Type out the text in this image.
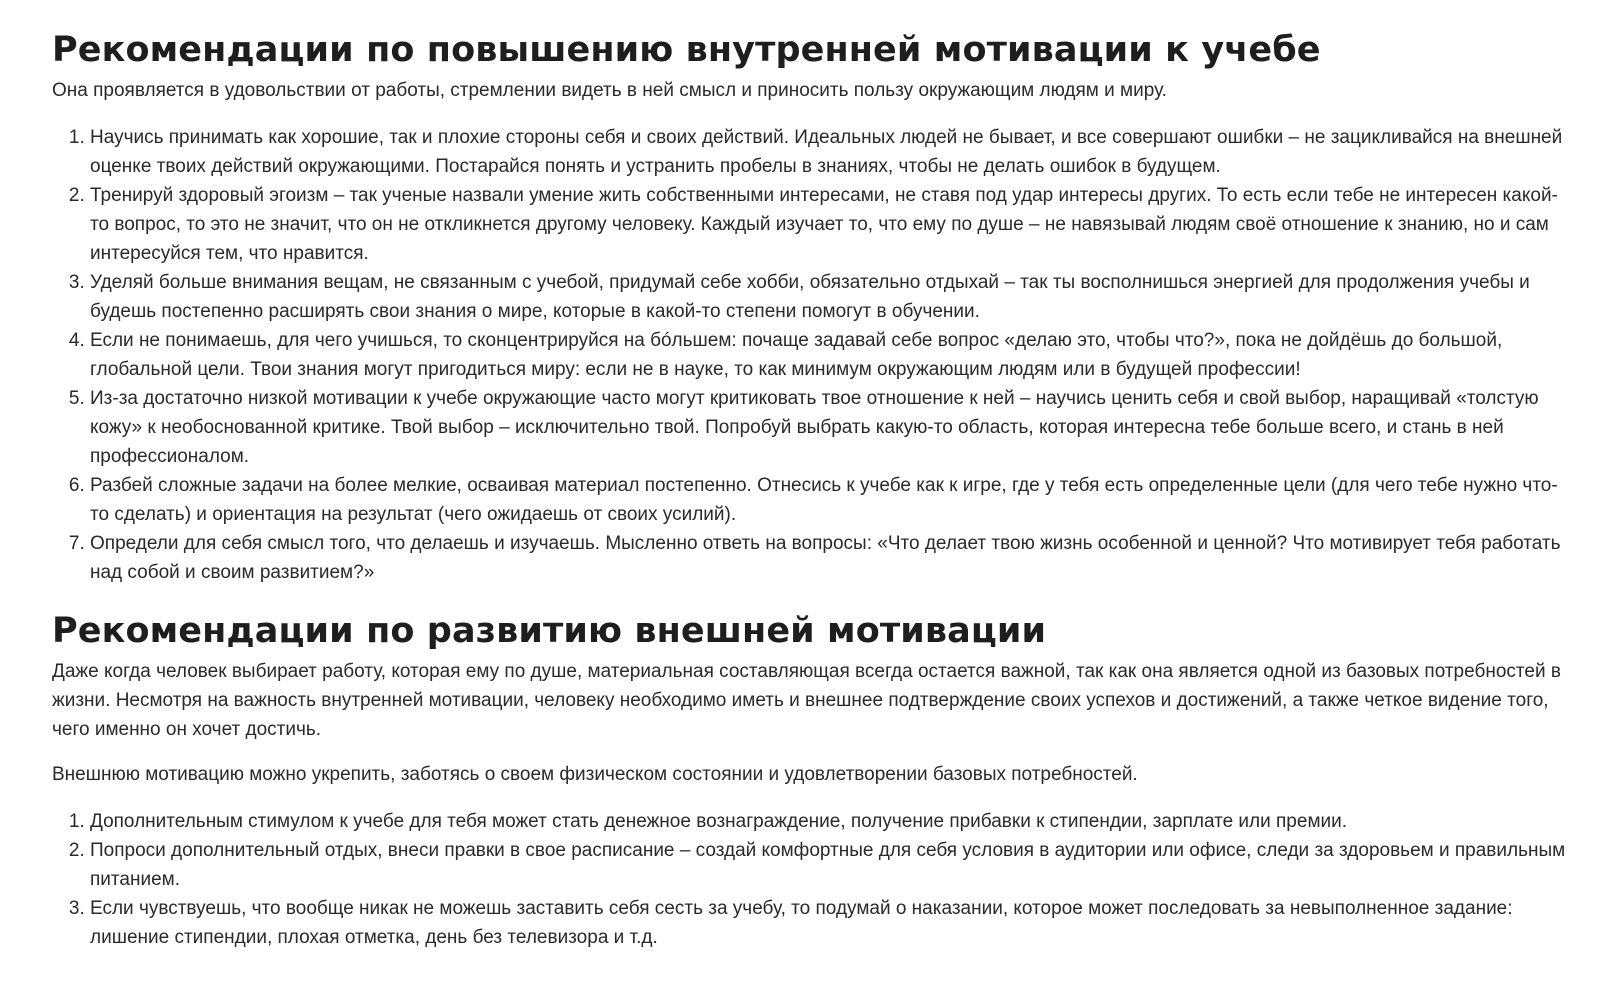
Рекомендации по повышению внутренней мотивации к учебе

Она проявляется в удовольствии от работы, стремлении видеть в ней смысл и приносить пользу окружающим людям и миру.

1. Научись принимать как хорошие, так и плохие стороны себя и своих действий. Идеальных людей не бывает, и все совершают ошибки – не зацикливайся на внешней оценке твоих действий окружающими. Постарайся понять и устранить пробелы в знаниях, чтобы не делать ошибок в будущем.
2. Тренируй здоровый эгоизм – так ученые назвали умение жить собственными интересами, не ставя под удар интересы других. То есть если тебе не интересен какой-то вопрос, то это не значит, что он не откликнется другому человеку. Каждый изучает то, что ему по душе – не навязывай людям своё отношение к знанию, но и сам интересуйся тем, что нравится.
3. Уделяй больше внимания вещам, не связанным с учебой, придумай себе хобби, обязательно отдыхай – так ты восполнишься энергией для продолжения учебы и будешь постепенно расширять свои знания о мире, которые в какой-то степени помогут в обучении.
4. Если не понимаешь, для чего учишься, то сконцентрируйся на бóльшем: почаще задавай себе вопрос «делаю это, чтобы что?», пока не дойдёшь до большой, глобальной цели. Твои знания могут пригодиться миру: если не в науке, то как минимум окружающим людям или в будущей профессии!
5. Из-за достаточно низкой мотивации к учебе окружающие часто могут критиковать твое отношение к ней – научись ценить себя и свой выбор, наращивай «толстую кожу» к необоснованной критике. Твой выбор – исключительно твой. Попробуй выбрать какую-то область, которая интересна тебе больше всего, и стань в ней профессионалом.
6. Разбей сложные задачи на более мелкие, осваивая материал постепенно. Отнесись к учебе как к игре, где у тебя есть определенные цели (для чего тебе нужно что-то сделать) и ориентация на результат (чего ожидаешь от своих усилий).
7. Определи для себя смысл того, что делаешь и изучаешь. Мысленно ответь на вопросы: «Что делает твою жизнь особенной и ценной? Что мотивирует тебя работать над собой и своим развитием?»
Рекомендации по развитию внешней мотивации

Даже когда человек выбирает работу, которая ему по душе, материальная составляющая всегда остается важной, так как она является одной из базовых потребностей в жизни. Несмотря на важность внутренней мотивации, человеку необходимо иметь и внешнее подтверждение своих успехов и достижений, а также четкое видение того, чего именно он хочет достичь.

Внешнюю мотивацию можно укрепить, заботясь о своем физическом состоянии и удовлетворении базовых потребностей.

1. Дополнительным стимулом к учебе для тебя может стать денежное вознаграждение, получение прибавки к стипендии, зарплате или премии.
2. Попроси дополнительный отдых, внеси правки в свое расписание – создай комфортные для себя условия в аудитории или офисе, следи за здоровьем и правильным питанием.
3. Если чувствуешь, что вообще никак не можешь заставить себя сесть за учебу, то подумай о наказании, которое может последовать за невыполненное задание: лишение стипендии, плохая отметка, день без телевизора и т.д.
